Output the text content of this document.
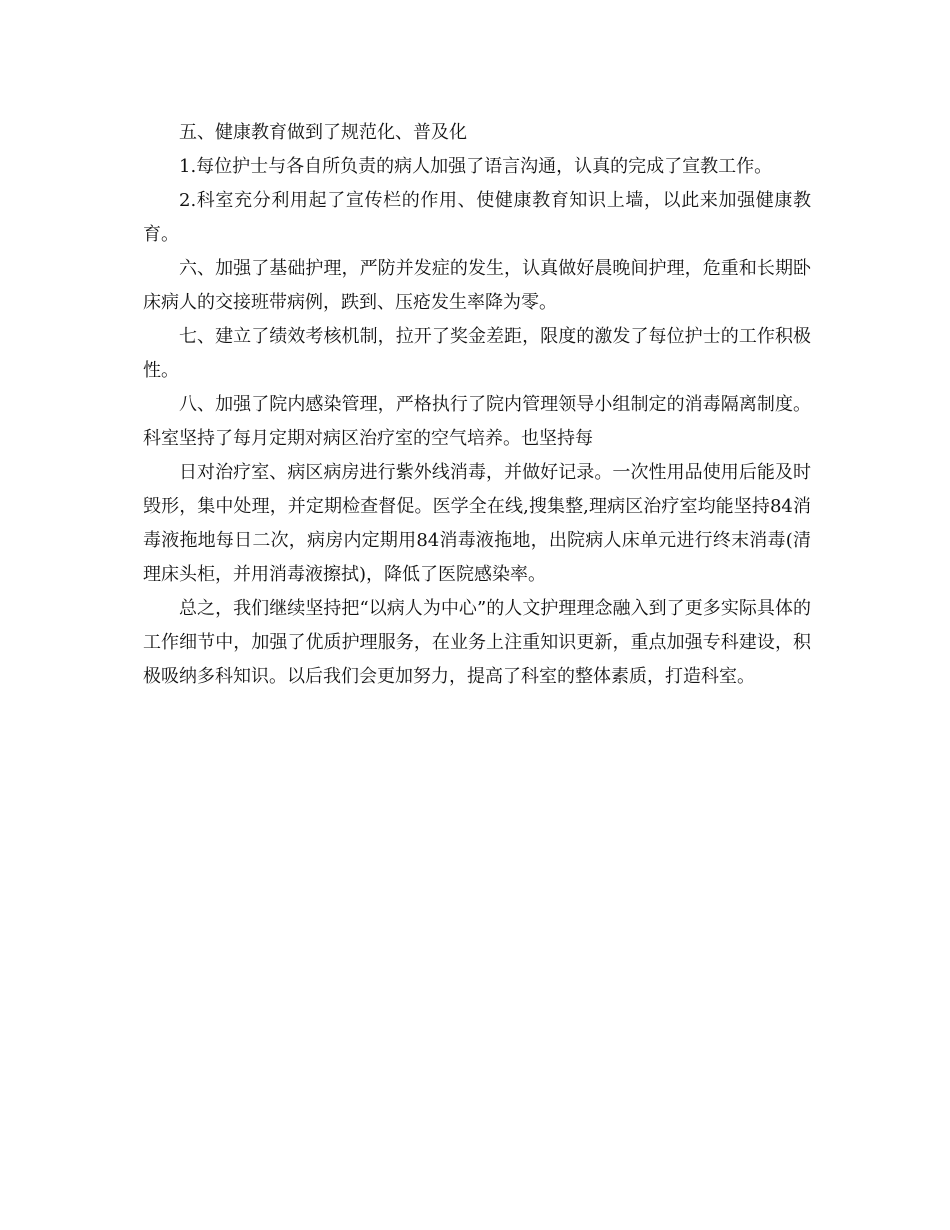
五、健康教育做到了规范化、普及化

1.每位护士与各自所负责的病人加强了语言沟通，认真的完成了宣教工作。

2.科室充分利用起了宣传栏的作用、使健康教育知识上墙，以此来加强健康教育。

六、加强了基础护理，严防并发症的发生，认真做好晨晚间护理，危重和长期卧床病人的交接班带病例，跌到、压疮发生率降为零。

七、建立了绩效考核机制，拉开了奖金差距，限度的激发了每位护士的工作积极性。

八、加强了院内感染管理，严格执行了院内管理领导小组制定的消毒隔离制度。科室坚持了每月定期对病区治疗室的空气培养。也坚持每

日对治疗室、病区病房进行紫外线消毒，并做好记录。一次性用品使用后能及时毁形，集中处理，并定期检查督促。医学全在线,搜集整,理病区治疗室均能坚持84消毒液拖地每日二次，病房内定期用84消毒液拖地，出院病人床单元进行终末消毒(清理床头柜，并用消毒液擦拭)，降低了医院感染率。

总之，我们继续坚持把“以病人为中心”的人文护理理念融入到了更多实际具体的工作细节中，加强了优质护理服务，在业务上注重知识更新，重点加强专科建设，积极吸纳多科知识。以后我们会更加努力，提高了科室的整体素质，打造科室。
